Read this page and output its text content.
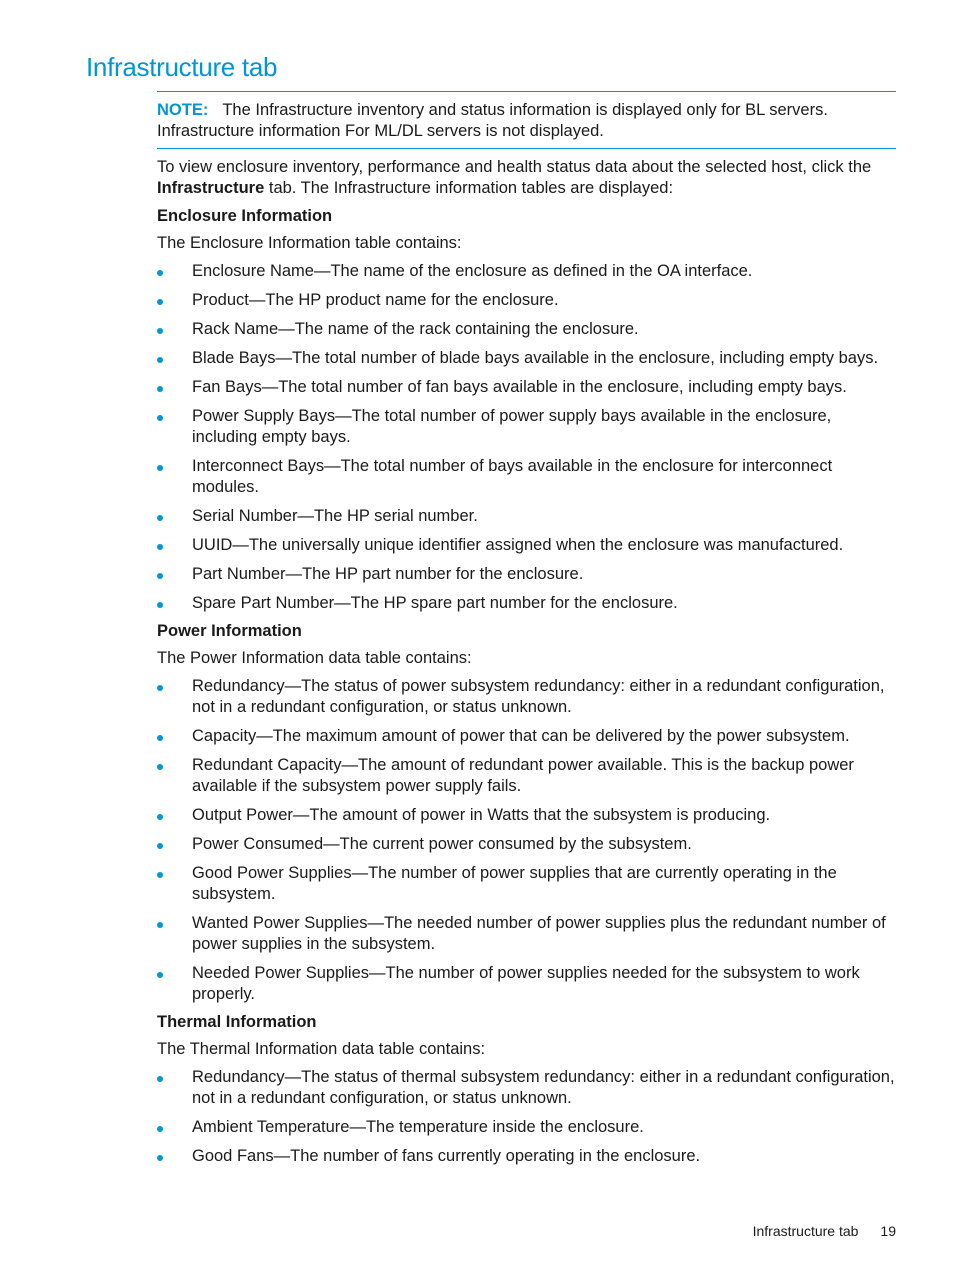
Infrastructure tab
NOTE: The Infrastructure inventory and status information is displayed only for BL servers. Infrastructure information For ML/DL servers is not displayed.
To view enclosure inventory, performance and health status data about the selected host, click the Infrastructure tab. The Infrastructure information tables are displayed:
Enclosure Information
The Enclosure Information table contains:
Enclosure Name—The name of the enclosure as defined in the OA interface.
Product—The HP product name for the enclosure.
Rack Name—The name of the rack containing the enclosure.
Blade Bays—The total number of blade bays available in the enclosure, including empty bays.
Fan Bays—The total number of fan bays available in the enclosure, including empty bays.
Power Supply Bays—The total number of power supply bays available in the enclosure, including empty bays.
Interconnect Bays—The total number of bays available in the enclosure for interconnect modules.
Serial Number—The HP serial number.
UUID—The universally unique identifier assigned when the enclosure was manufactured.
Part Number—The HP part number for the enclosure.
Spare Part Number—The HP spare part number for the enclosure.
Power Information
The Power Information data table contains:
Redundancy—The status of power subsystem redundancy: either in a redundant configuration, not in a redundant configuration, or status unknown.
Capacity—The maximum amount of power that can be delivered by the power subsystem.
Redundant Capacity—The amount of redundant power available. This is the backup power available if the subsystem power supply fails.
Output Power—The amount of power in Watts that the subsystem is producing.
Power Consumed—The current power consumed by the subsystem.
Good Power Supplies—The number of power supplies that are currently operating in the subsystem.
Wanted Power Supplies—The needed number of power supplies plus the redundant number of power supplies in the subsystem.
Needed Power Supplies—The number of power supplies needed for the subsystem to work properly.
Thermal Information
The Thermal Information data table contains:
Redundancy—The status of thermal subsystem redundancy: either in a redundant configuration, not in a redundant configuration, or status unknown.
Ambient Temperature—The temperature inside the enclosure.
Good Fans—The number of fans currently operating in the enclosure.
Infrastructure tab 19
